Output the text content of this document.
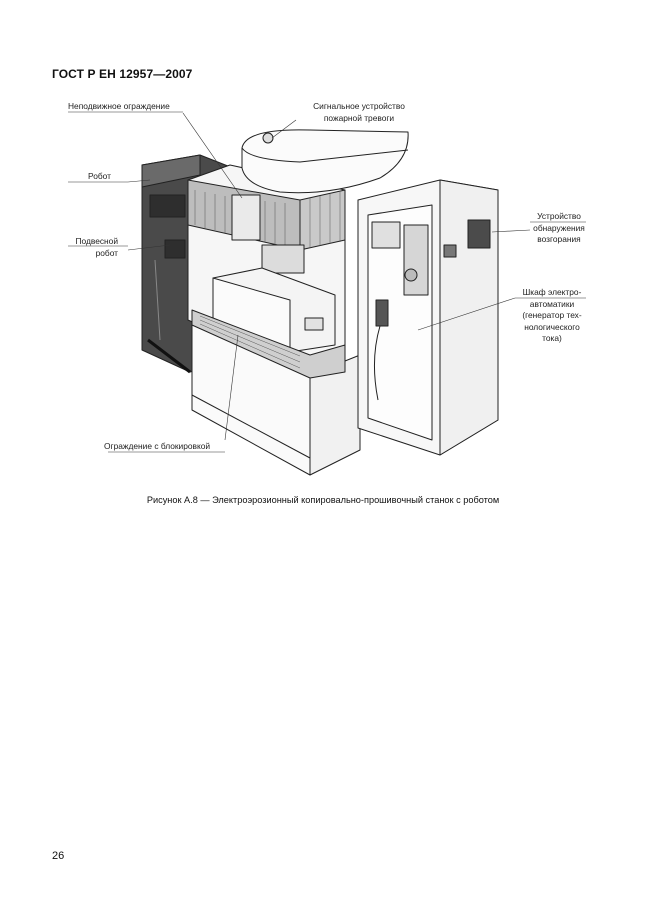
ГОСТ Р ЕН 12957—2007
Неподвижное ограждение	Сигнальное устройство
пожарной тревоги
Робот
Подвесной
робот
Устройство
обнаружения
возгорания
Шкаф электро-
автоматики
(генератор тех-
нологического
тока)
Ограждение с блокировкой
Рисунок А.8 — Электроэрозионный копировально-прошивочный станок с роботом
26
